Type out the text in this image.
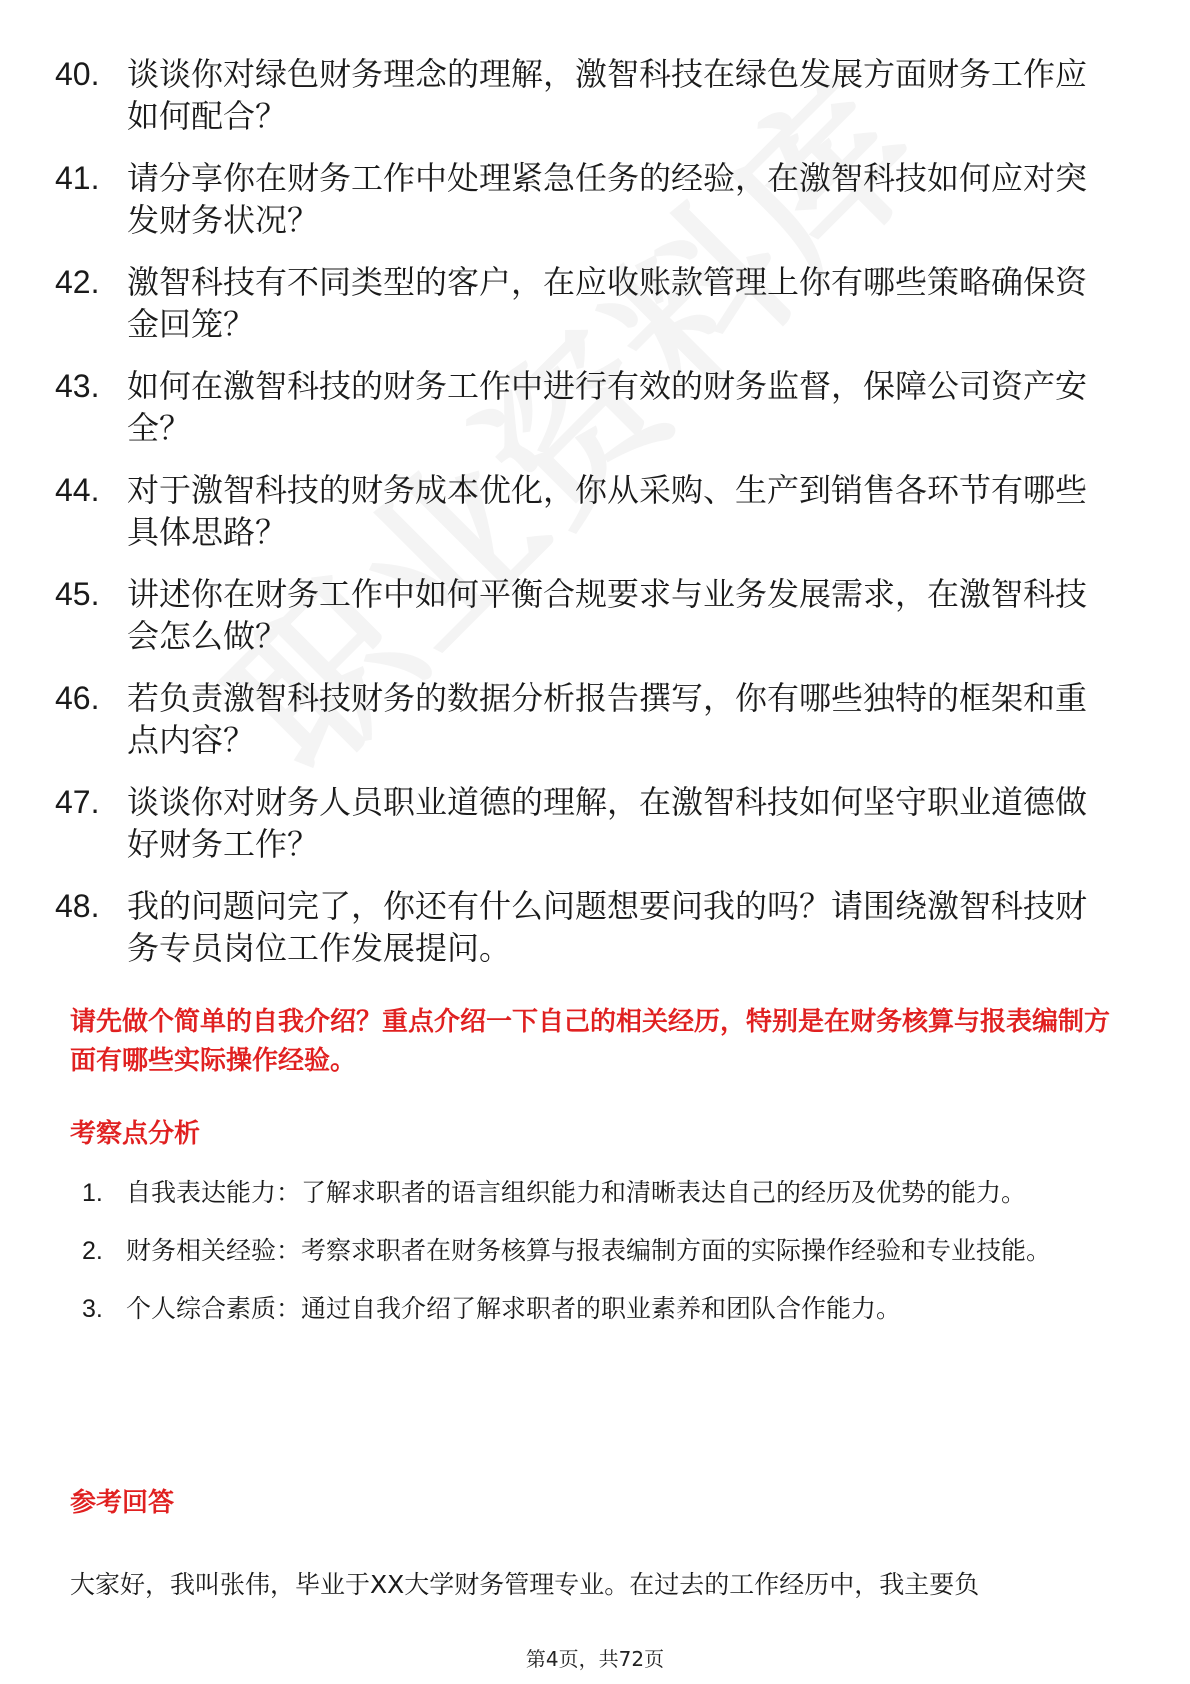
40. 谈谈你对绿色财务理念的理解，激智科技在绿色发展方面财务工作应如何配合？
41. 请分享你在财务工作中处理紧急任务的经验，在激智科技如何应对突发财务状况？
42. 激智科技有不同类型的客户，在应收账款管理上你有哪些策略确保资金回笼？
43. 如何在激智科技的财务工作中进行有效的财务监督，保障公司资产安全？
44. 对于激智科技的财务成本优化，你从采购、生产到销售各环节有哪些具体思路？
45. 讲述你在财务工作中如何平衡合规要求与业务发展需求，在激智科技会怎么做？
46. 若负责激智科技财务的数据分析报告撰写，你有哪些独特的框架和重点内容？
47. 谈谈你对财务人员职业道德的理解，在激智科技如何坚守职业道德做好财务工作？
48. 我的问题问完了，你还有什么问题想要问我的吗？请围绕激智科技财务专员岗位工作发展提问。
请先做个简单的自我介绍？重点介绍一下自己的相关经历，特别是在财务核算与报表编制方面有哪些实际操作经验。
考察点分析
1. 自我表达能力：了解求职者的语言组织能力和清晰表达自己的经历及优势的能力。
2. 财务相关经验：考察求职者在财务核算与报表编制方面的实际操作经验和专业技能。
3. 个人综合素质：通过自我介绍了解求职者的职业素养和团队合作能力。
参考回答
大家好，我叫张伟，毕业于XX大学财务管理专业。在过去的工作经历中，我主要负
第4页，共72页
